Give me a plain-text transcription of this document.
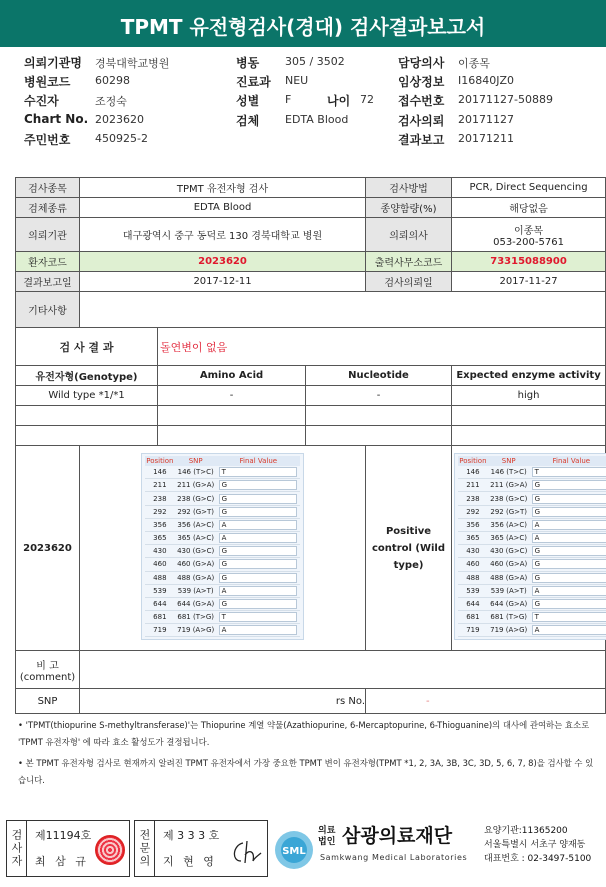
TPMT 유전형검사(경대) 검사결과보고서
의뢰기관명 경북대학교병원
병원코드 60298
수진자	조정숙
Chart No. 2023620
주민번호 450925-2
병동 305 / 3502
진료과 NEU
성별 F	나이 72
검체 EDTA Blood
담당의사 이종목
임상정보 I16840JZ0
접수번호 20171127-50889
검사의뢰 20171127
결과보고 20171211
검사종목	TPMT 유전자형 검사	검사방법	PCR, Direct Sequencing
검체종류	EDTA Blood	종양함량(%)	해당없음
의뢰기관	대구광역시 중구 동덕로 130 경북대학교 병원	의뢰의사	이종목
053-200-5761

환자코드	2023620	출력사무소코드	73315088900
결과보고일	2017-12-11	검사의뢰일	2017-11-27
기타사항	
검 사 결 과	돌연변이 없음
유전자형(Genotype)	Amino Acid	Nucleotide	Expected enzyme activity
Wild type *1/*1	-	-	high

2023620	
Position	SNP	Final Value
146	146 (T>C)	T

211	211 (G>A)	G

238	238 (G>C)	G

292	292 (G>T)	G

356	356 (A>C)	A

365	365 (A>C)	A

430	430 (G>C)	G

460	460 (G>A)	G

488	488 (G>A)	G

539	539 (A>T)	A

644	644 (G>A)	G

681	681 (T>G)	T

719	719 (A>G)	A
	Positive control (Wild type)	
Position	SNP	Final Value
146	146 (T>C)	T

211	211 (G>A)	G

238	238 (G>C)	G

292	292 (G>T)	G

356	356 (A>C)	A

365	365 (A>C)	A

430	430 (G>C)	G

460	460 (G>A)	G

488	488 (G>A)	G

539	539 (A>T)	A

644	644 (G>A)	G

681	681 (T>G)	T

719	719 (A>G)	A

비 고 (comment)	
SNP	rs No.	-
• 'TPMT(thiopurine S-methyltransferase)'는 Thiopurine 계열 약물(Azathiopurine, 6-Mercaptopurine, 6-Thioguanine)의 대사에 관여하는 효소로 'TPMT 유전자형' 에 따라 효소 활성도가 결정됩니다.
• 본 TPMT 유전자형 검사로 현재까지 알려진 TPMT 유전자에서 가장 중요한 TPMT 변이 유전자형(TPMT *1, 2, 3A, 3B, 3C, 3D, 5, 6, 7, 8)을 검사할 수 있습니다.
검사자	제11194호
최 삼 규	전문의	제 3 3 3 호
지 현 영
SML
의료
법인 삼광의료재단
Samkwang Medical Laboratories
요양기관:11365200
서울특별시 서초구 양재동
대표번호 : 02-3497-5100
